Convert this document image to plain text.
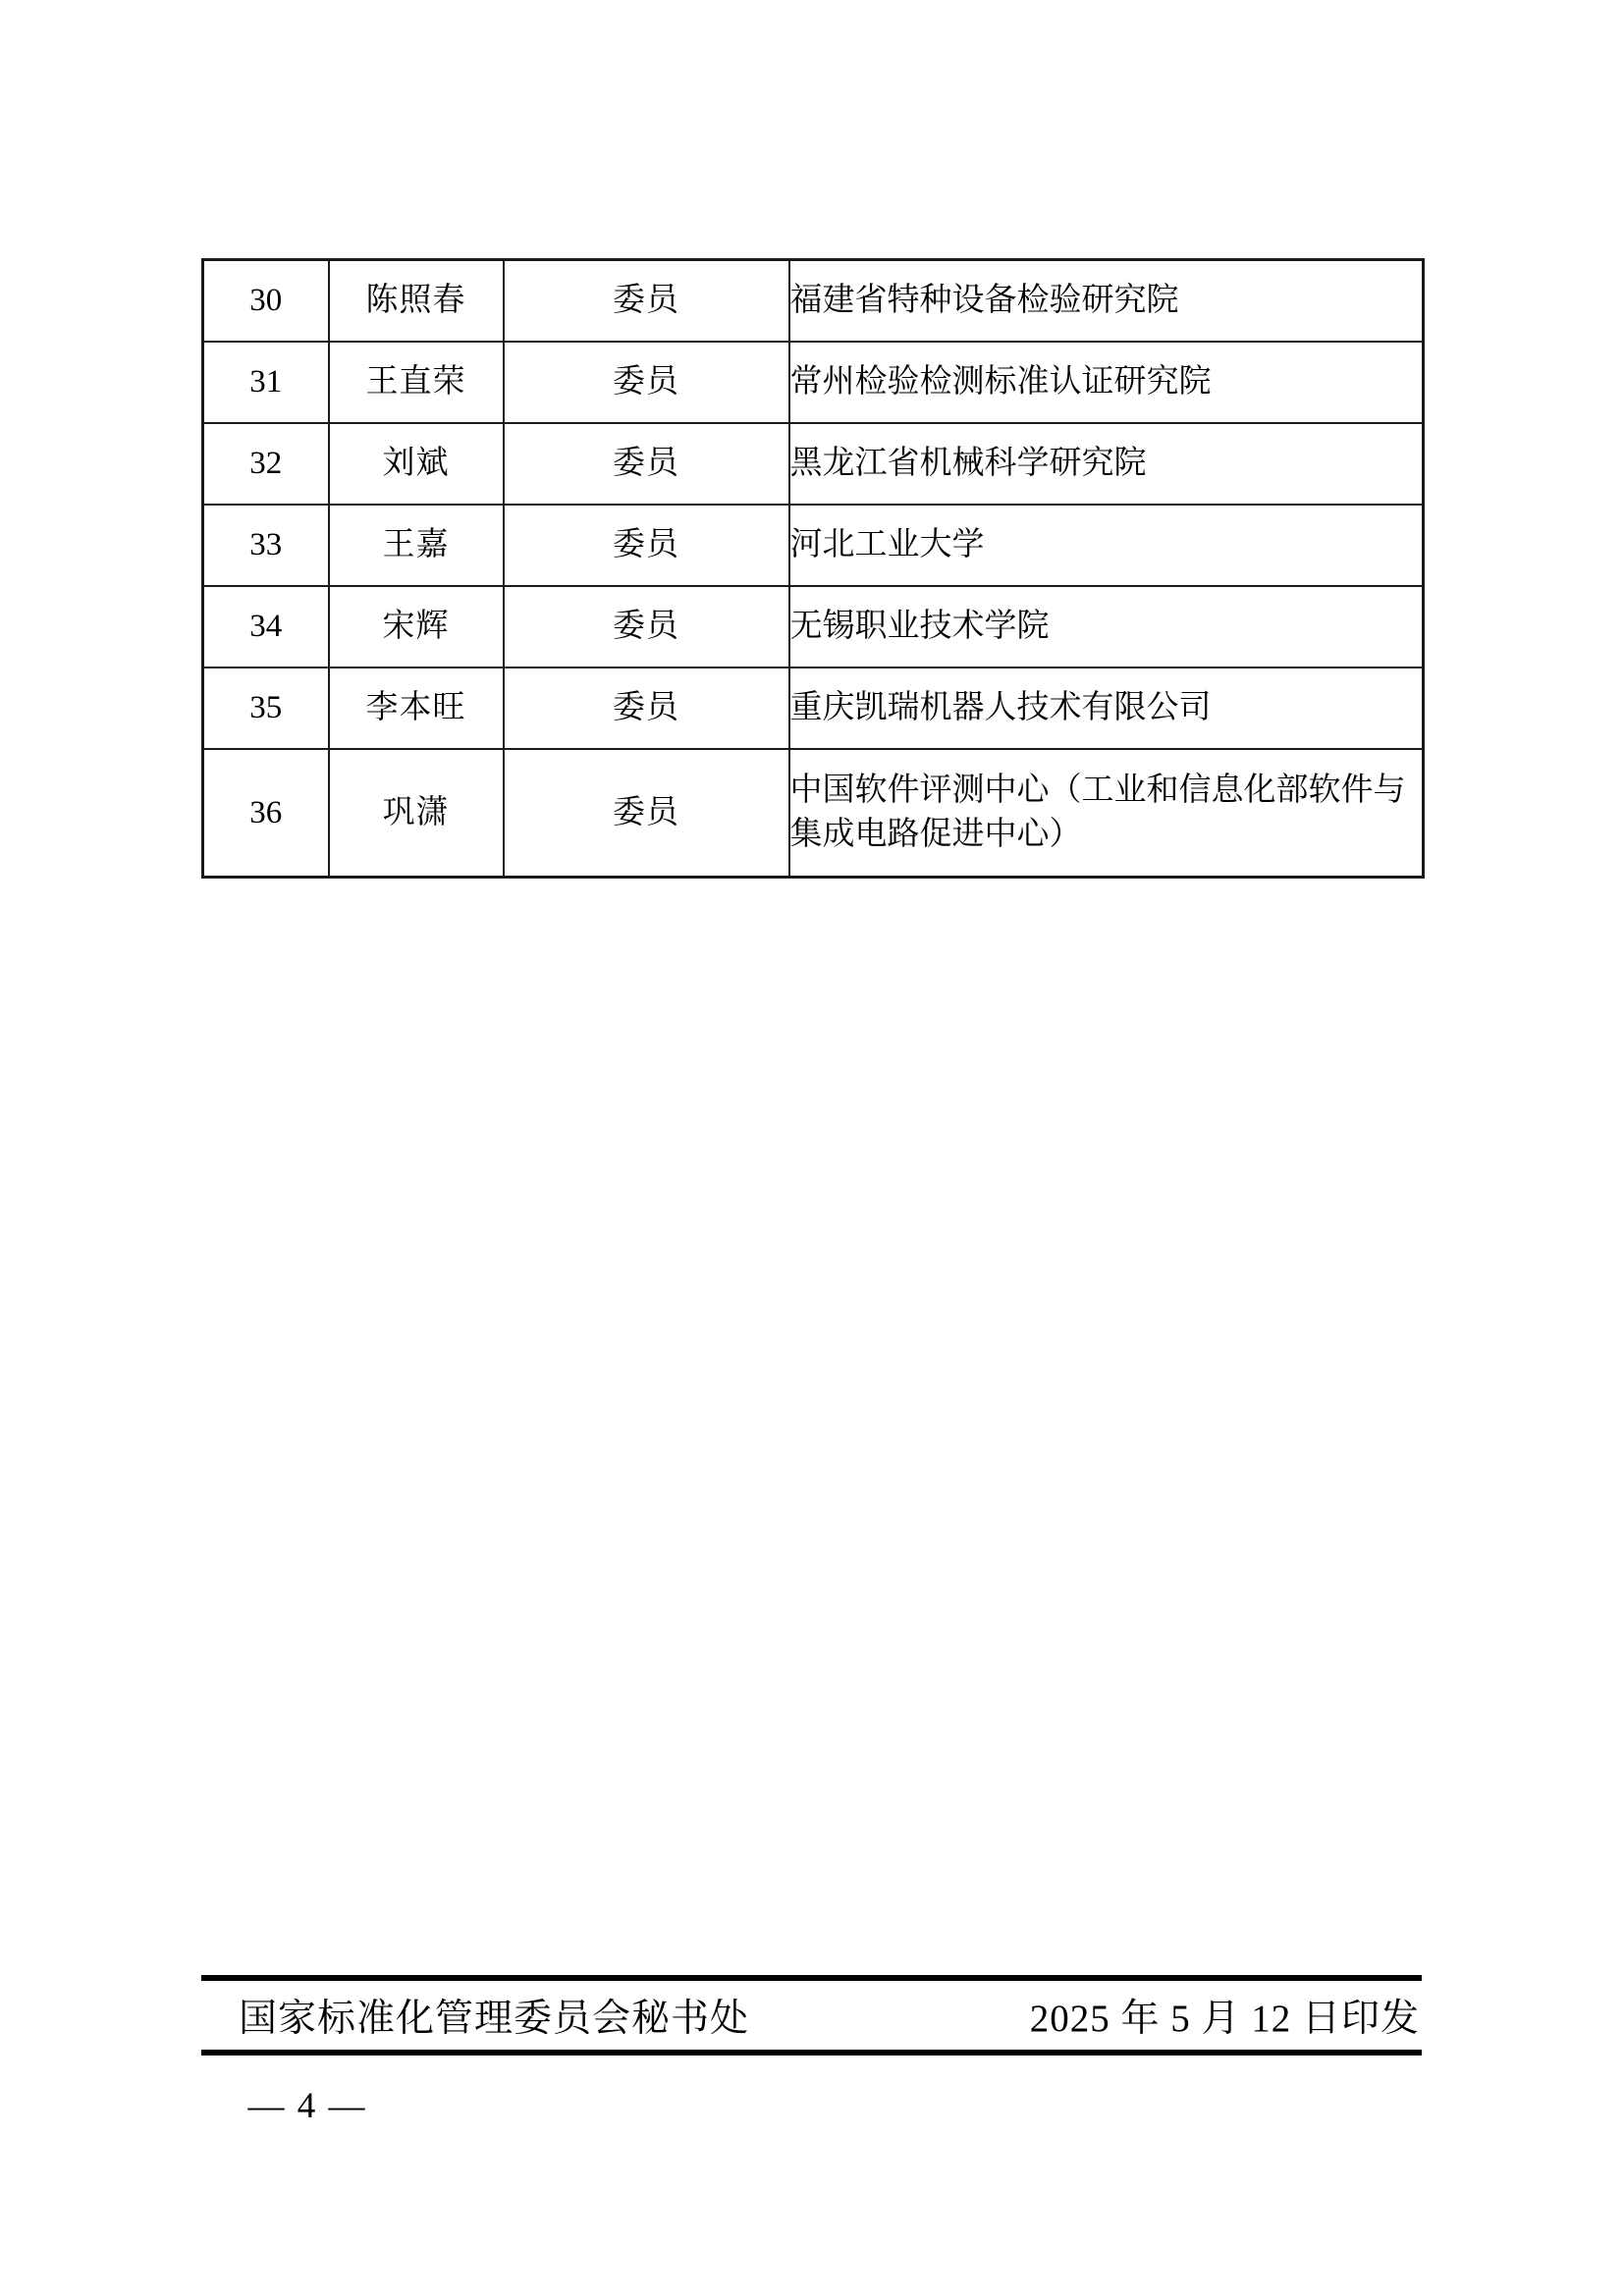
30	陈照春	委员	福建省特种设备检验研究院
31	王直荣	委员	常州检验检测标准认证研究院
32	刘斌	委员	黑龙江省机械科学研究院
33	王嘉	委员	河北工业大学
34	宋辉	委员	无锡职业技术学院
35	李本旺	委员	重庆凯瑞机器人技术有限公司
36	巩潇	委员	中国软件评测中心（工业和信息化部软件与集成电路促进中心）
国家标准化管理委员会秘书处	2025 年 5 月 12 日印发
— 4 —
